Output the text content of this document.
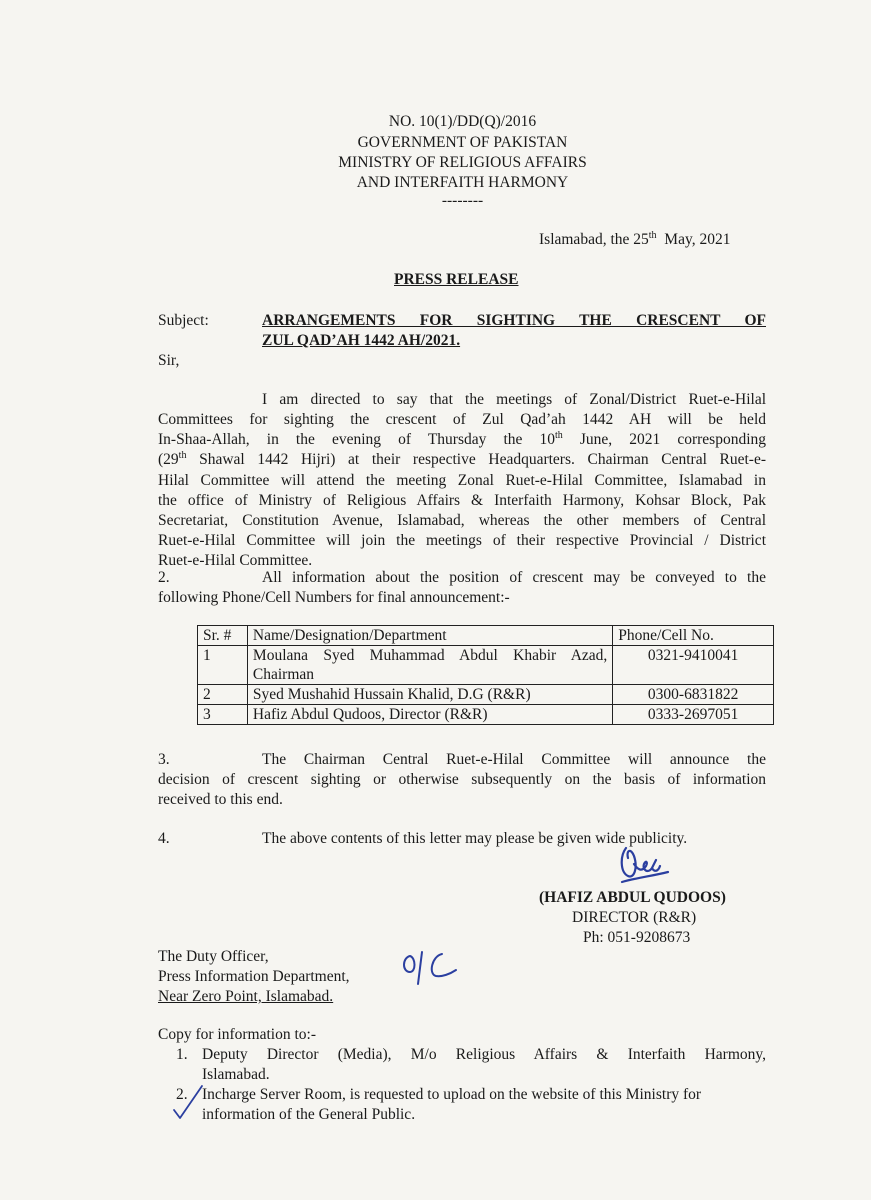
NO. 10(1)/DD(Q)/2016
GOVERNMENT OF PAKISTAN
MINISTRY OF RELIGIOUS AFFAIRS
AND INTERFAITH HARMONY
--------
Islamabad, the 25th  May, 2021
PRESS RELEASE
Subject:	ARRANGEMENTS FOR SIGHTING THE CRESCENT OF
ZUL QAD’AH 1442 AH/2021.
Sir,
I am directed to say that the meetings of Zonal/District Ruet-e-Hilal
Committees for sighting the crescent of Zul Qad’ah 1442 AH will be held
In-Shaa-Allah, in the evening of Thursday the 10th June, 2021 corresponding
(29th Shawal 1442 Hijri) at their respective Headquarters. Chairman Central Ruet-e-
Hilal Committee will attend the meeting Zonal Ruet-e-Hilal Committee, Islamabad in
the office of Ministry of Religious Affairs & Interfaith Harmony, Kohsar Block, Pak
Secretariat, Constitution Avenue, Islamabad, whereas the other members of Central
Ruet-e-Hilal Committee will join the meetings of their respective Provincial / District
Ruet-e-Hilal Committee.
2.	All information about the position of crescent may be conveyed to the
following Phone/Cell Numbers for final announcement:-
Sr. #	Name/Designation/Department	Phone/Cell No.
1	Moulana Syed Muhammad Abdul Khabir Azad,
Chairman	0321-9410041
2	Syed Mushahid Hussain Khalid, D.G (R&R)	0300-6831822
3	Hafiz Abdul Qudoos, Director (R&R)	0333-2697051
3.	The Chairman Central Ruet-e-Hilal Committee will announce the
decision of crescent sighting or otherwise subsequently on the basis of information
received to this end.
4.	The above contents of this letter may please be given wide publicity.
(HAFIZ ABDUL QUDOOS)
DIRECTOR (R&R)
Ph: 051-9208673
The Duty Officer,
Press Information Department,
Near Zero Point, Islamabad.
Copy for information to:-
1. Deputy Director (Media), M/o Religious Affairs & Interfaith Harmony,
Islamabad.
2. Incharge Server Room, is requested to upload on the website of this Ministry for
information of the General Public.
